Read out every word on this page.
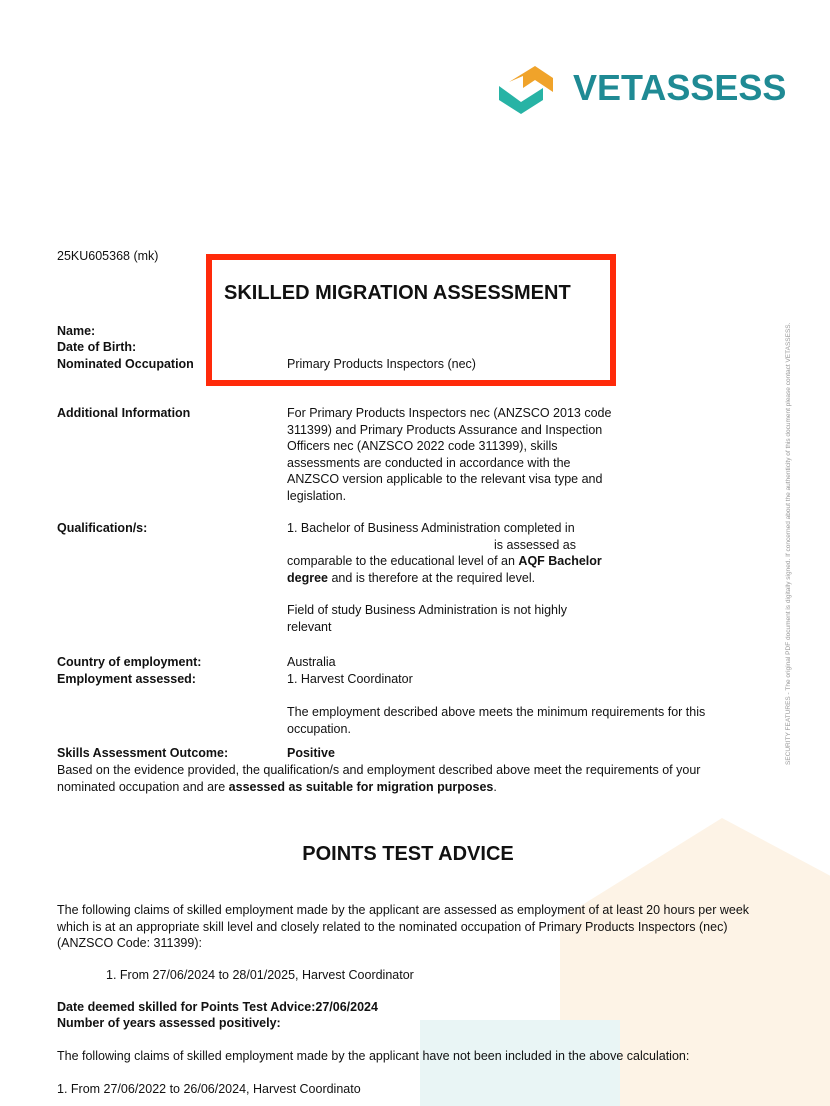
VETASSESS
SECURITY FEATURES - The original PDF document is digitally signed. If concerned about the authenticity of this document please contact VETASSESS.
25KU605368 (mk)
SKILLED MIGRATION ASSESSMENT
Name:
Date of Birth:
Nominated Occupation	Primary Products Inspectors (nec)
Additional Information	For Primary Products Inspectors nec (ANZSCO 2013 code 311399) and Primary Products Assurance and Inspection Officers nec (ANZSCO 2022 code 311399), skills assessments are conducted in accordance with the ANZSCO version applicable to the relevant visa type and legislation.
Qualification/s:	1. Bachelor of Business Administration completed in
is assessed as
comparable to the educational level of an AQF Bachelor degree and is therefore at the required level.
Field of study Business Administration is not highly relevant
Country of employment:	Australia
Employment assessed:	1. Harvest Coordinator
The employment described above meets the minimum requirements for this occupation.
Skills Assessment Outcome:	Positive
Based on the evidence provided, the qualification/s and employment described above meet the requirements of your nominated occupation and are assessed as suitable for migration purposes.
POINTS TEST ADVICE
The following claims of skilled employment made by the applicant are assessed as employment of at least 20 hours per week which is at an appropriate skill level and closely related to the nominated occupation of Primary Products Inspectors (nec) (ANZSCO Code: 311399):
1. From 27/06/2024 to 28/01/2025, Harvest Coordinator
Date deemed skilled for Points Test Advice:27/06/2024
Number of years assessed positively:
The following claims of skilled employment made by the applicant have not been included in the above calculation:
1. From 27/06/2022 to 26/06/2024, Harvest Coordinato
